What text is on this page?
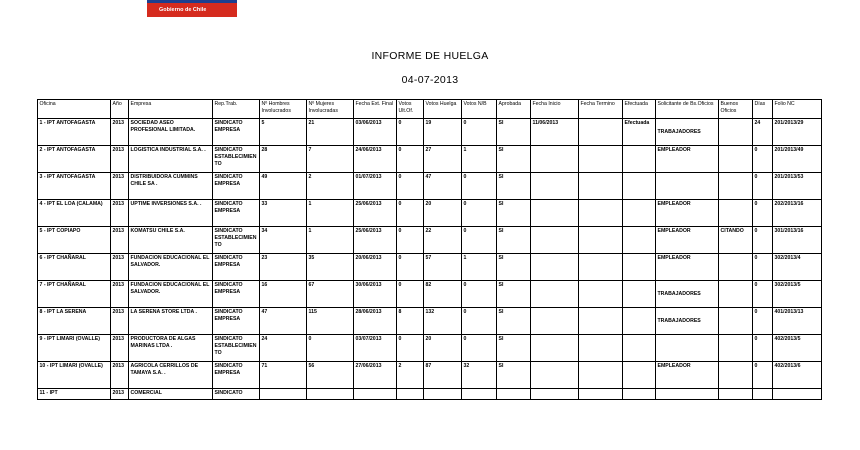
Gobierno de Chile
INFORME DE HUELGA
04-07-2013
Oficina	Año	Empresa	Rep.Trab.	Nº Hombres Involucrados	Nº Mujeres Involucradas	Fecha Ext. Final	Votos Ult.Of.	Votos Huelga	Votos N/B	Aprobada	Fecha Inicio	Fecha Termino	Efectuada	Solicitante de Bs.Oficios	Buenos Oficios	Días	Folio NC
1 - IPT ANTOFAGASTA	2013	SOCIEDAD ASEO PROFESIONAL LIMITADA.	SINDICATO EMPRESA	5	21	03/06/2013	0	19	0	SI	11/06/2013		Efectuada	TRABAJADORES		24	201/2013/29
2 - IPT ANTOFAGASTA	2013	LOGISTICA INDUSTRIAL S.A. .	SINDICATO ESTABLECIMIENTO	28	7	24/06/2013	0	27	1	SI				EMPLEADOR		0	201/2013/49
3 - IPT ANTOFAGASTA	2013	DISTRIBUIDORA CUMMINS CHILE SA .	SINDICATO EMPRESA	49	2	01/07/2013	0	47	0	SI						0	201/2013/53
4 - IPT EL LOA (CALAMA)	2013	UPTIME INVERSIONES S.A. .	SINDICATO EMPRESA	33	1	25/06/2013	0	20	0	SI				EMPLEADOR		0	202/2013/16
5 - IPT COPIAPO	2013	KOMATSU CHILE S.A.	SINDICATO ESTABLECIMIENTO	34	1	25/06/2013	0	22	0	SI				EMPLEADOR	CITANDO	0	301/2013/16
6 - IPT CHAÑARAL	2013	FUNDACION EDUCACIONAL EL SALVADOR.	SINDICATO EMPRESA	23	35	20/06/2013	0	57	1	SI				EMPLEADOR		0	302/2013/4
7 - IPT CHAÑARAL	2013	FUNDACION EDUCACIONAL EL SALVADOR.	SINDICATO EMPRESA	16	67	30/06/2013	0	82	0	SI				TRABAJADORES		0	302/2013/5
8 - IPT LA SERENA	2013	LA SERENA STORE LTDA .	SINDICATO EMPRESA	47	115	28/06/2013	8	132	0	SI				TRABAJADORES		0	401/2013/13
9 - IPT LIMARI (OVALLE)	2013	PRODUCTORA DE ALGAS MARINAS LTDA .	SINDICATO ESTABLECIMIENTO	24	0	03/07/2013	0	20	0	SI						0	402/2013/5
10 - IPT LIMARI (OVALLE)	2013	AGRICOLA CERRILLOS DE TAMAYA S.A. .	SINDICATO EMPRESA	71	56	27/06/2013	2	87	32	SI				EMPLEADOR		0	402/2013/6
11 - IPT	2013	COMERCIAL	SINDICATO														
